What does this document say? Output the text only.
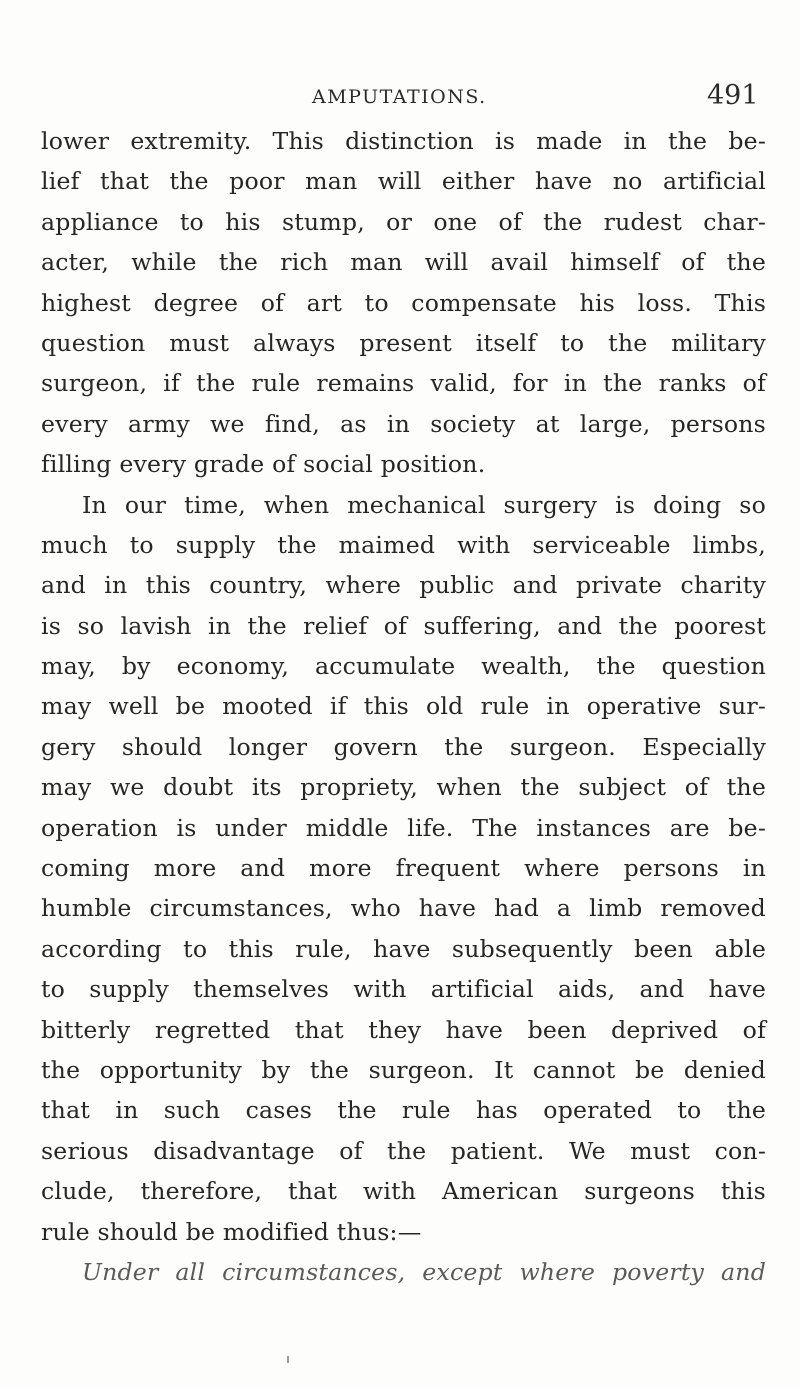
AMPUTATIONS.	491
lower extremity. This distinction is made in the be-
lief that the poor man will either have no artificial
appliance to his stump, or one of the rudest char-
acter, while the rich man will avail himself of the
highest degree of art to compensate his loss. This
question must always present itself to the military
surgeon, if the rule remains valid, for in the ranks of
every army we find, as in society at large, persons
filling every grade of social position.
In our time, when mechanical surgery is doing so
much to supply the maimed with serviceable limbs,
and in this country, where public and private charity
is so lavish in the relief of suffering, and the poorest
may, by economy, accumulate wealth, the question
may well be mooted if this old rule in operative sur-
gery should longer govern the surgeon. Especially
may we doubt its propriety, when the subject of the
operation is under middle life. The instances are be-
coming more and more frequent where persons in
humble circumstances, who have had a limb removed
according to this rule, have subsequently been able
to supply themselves with artificial aids, and have
bitterly regretted that they have been deprived of
the opportunity by the surgeon. It cannot be denied
that in such cases the rule has operated to the
serious disadvantage of the patient. We must con-
clude, therefore, that with American surgeons this
rule should be modified thus:—
Under all circumstances, except where poverty and
